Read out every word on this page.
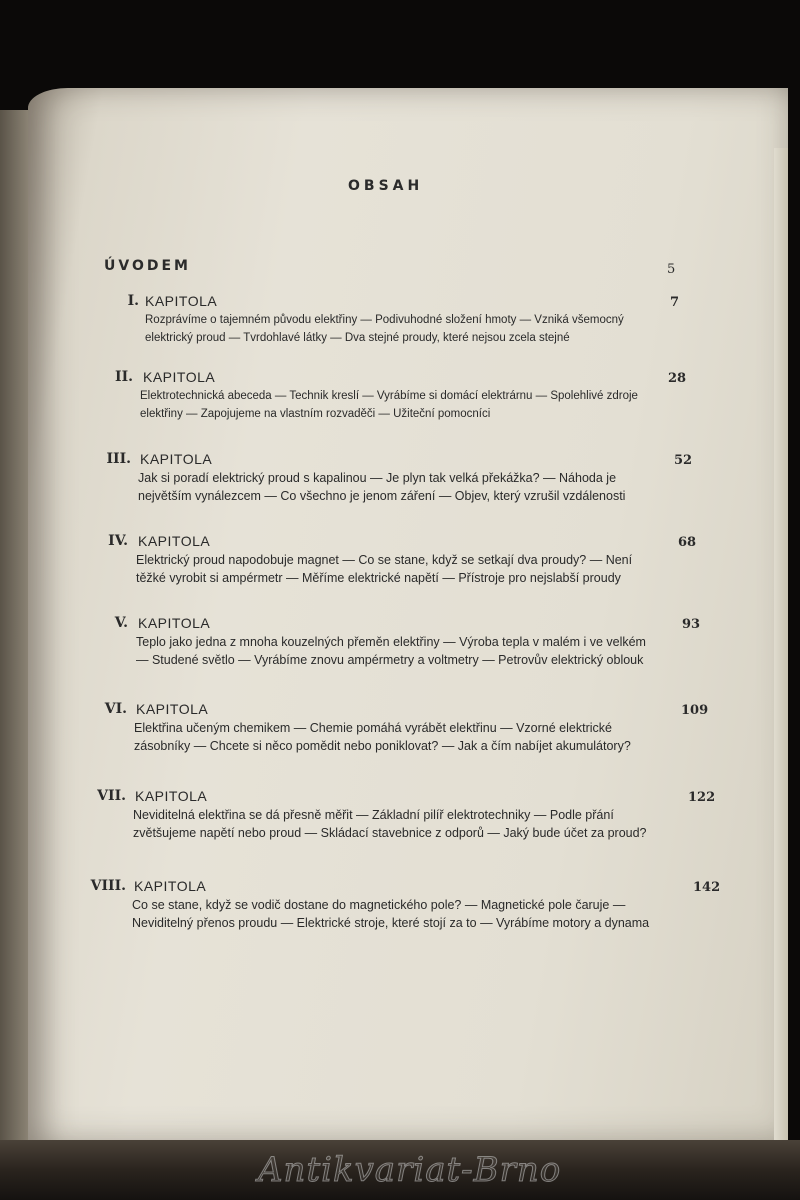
OBSAH
ÚVODEM	5
I. KAPITOLA	7
Rozprávíme o tajemném původu elektřiny — Podivuhodné složení hmoty — Vzniká všemocný elektrický proud — Tvrdohlavé látky — Dva stejné proudy, které nejsou zcela stejné
II. KAPITOLA	28
Elektrotechnická abeceda — Technik kreslí — Vyrábíme si domácí elektrárnu — Spolehlivé zdroje elektřiny — Zapojujeme na vlastním rozvaděči — Užiteční pomocníci
III. KAPITOLA	52
Jak si poradí elektrický proud s kapalinou — Je plyn tak velká překážka? — Náhoda je největším vynálezcem — Co všechno je jenom záření — Objev, který vzrušil vzdálenosti
IV. KAPITOLA	68
Elektrický proud napodobuje magnet — Co se stane, když se setkají dva proudy? — Není těžké vyrobit si ampérmetr — Měříme elektrické napětí — Přístroje pro nejslabší proudy
V. KAPITOLA	93
Teplo jako jedna z mnoha kouzelných přeměn elektřiny — Výroba tepla v malém i ve velkém — Studené světlo — Vyrábíme znovu ampérmetry a voltmetry — Petrovův elektrický oblouk
VI. KAPITOLA	109
Elektřina učeným chemikem — Chemie pomáhá vyrábět elektřinu — Vzorné elektrické zásobníky — Chcete si něco pomědit nebo poniklovat? — Jak a čím nabíjet akumulátory?
VII. KAPITOLA	122
Neviditelná elektřina se dá přesně měřit — Základní pilíř elektrotechniky — Podle přání zvětšujeme napětí nebo proud — Skládací stavebnice z odporů — Jaký bude účet za proud?
VIII. KAPITOLA	142
Co se stane, když se vodič dostane do magnetického pole? — Magnetické pole čaruje — Neviditelný přenos proudu — Elektrické stroje, které stojí za to — Vyrábíme motory a dynama
Antikvariat-Brno
